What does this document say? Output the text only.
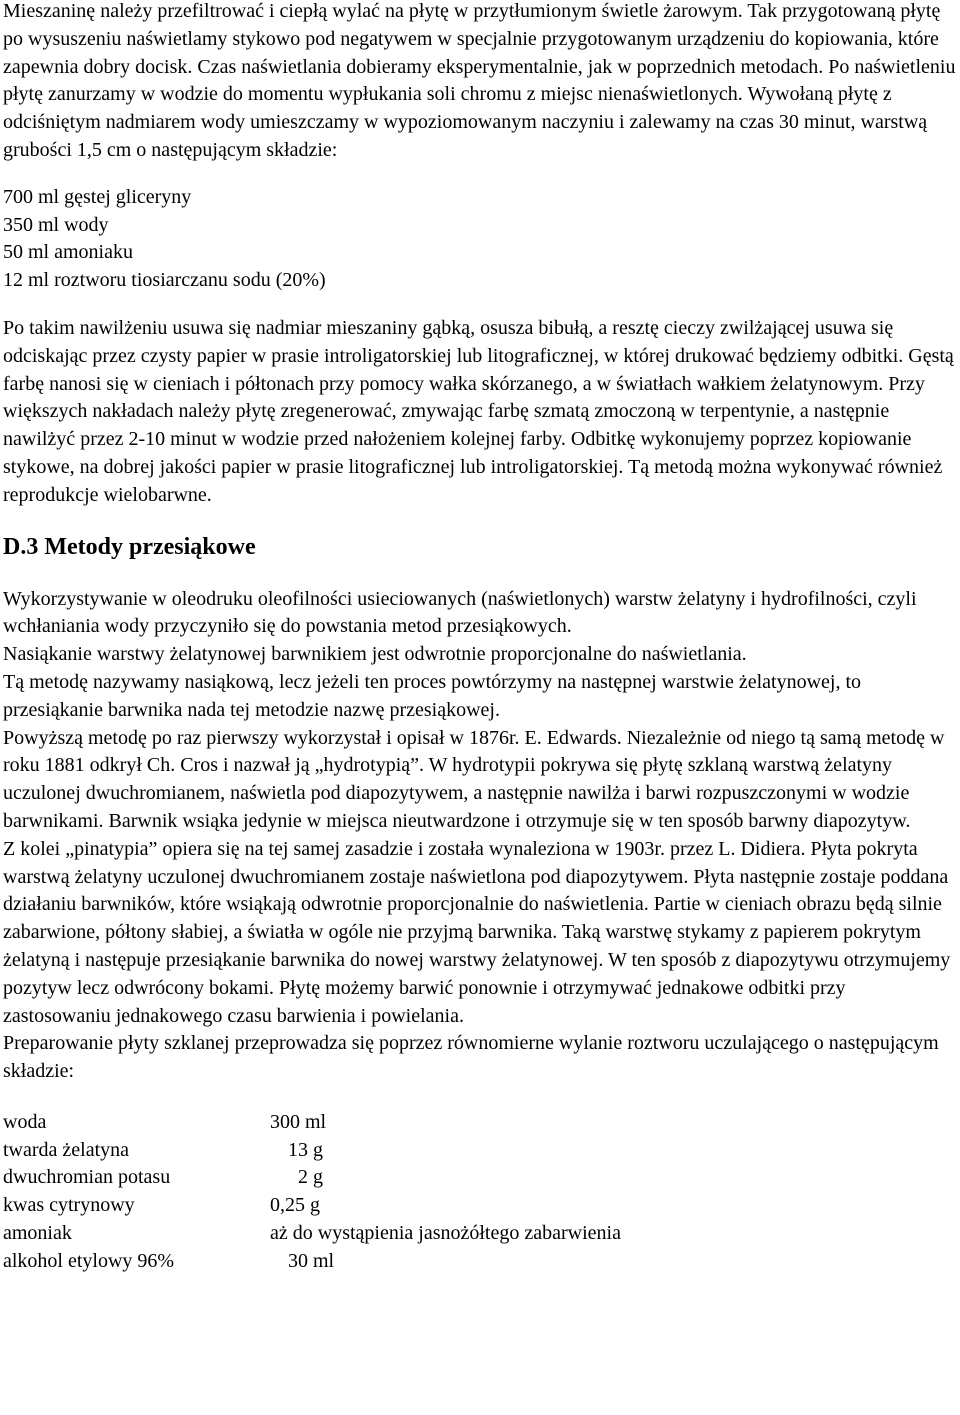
Mieszaninę należy przefiltrować i ciepłą wylać na płytę w przytłumionym świetle żarowym. Tak przygotowaną płytę po wysuszeniu naświetlamy stykowo pod negatywem w specjalnie przygotowanym urządzeniu do kopiowania, które zapewnia dobry docisk. Czas naświetlania dobieramy eksperymentalnie, jak w poprzednich metodach. Po naświetleniu płytę zanurzamy w wodzie do momentu wypłukania soli chromu z miejsc nienaświetlonych. Wywołaną płytę z odciśniętym nadmiarem wody umieszczamy w wypoziomowanym naczyniu i zalewamy na czas 30 minut, warstwą grubości 1,5 cm o następującym składzie:

700 ml gęstej gliceryny
350 ml wody
50 ml amoniaku
12 ml roztworu tiosiarczanu sodu (20%)

Po takim nawilżeniu usuwa się nadmiar mieszaniny gąbką, osusza bibułą, a resztę cieczy zwilżającej usuwa się odciskając przez czysty papier w prasie introligatorskiej lub litograficznej, w której drukować będziemy odbitki. Gęstą farbę nanosi się w cieniach i półtonach przy pomocy wałka skórzanego, a w światłach wałkiem żelatynowym. Przy większych nakładach należy płytę zregenerować, zmywając farbę szmatą zmoczoną w terpentynie, a następnie nawilżyć przez 2-10 minut w wodzie przed nałożeniem kolejnej farby. Odbitkę wykonujemy poprzez kopiowanie stykowe, na dobrej jakości papier w prasie litograficznej lub introligatorskiej. Tą metodą można wykonywać również reprodukcje wielobarwne.

D.3 Metody przesiąkowe

Wykorzystywanie w oleodruku oleofilności usieciowanych (naświetlonych) warstw żelatyny i hydrofilności, czyli wchłaniania wody przyczyniło się do powstania metod przesiąkowych.

Nasiąkanie warstwy żelatynowej barwnikiem jest odwrotnie proporcjonalne do naświetlania.

Tą metodę nazywamy nasiąkową, lecz jeżeli ten proces powtórzymy na następnej warstwie żelatynowej, to przesiąkanie barwnika nada tej metodzie nazwę przesiąkowej.

Powyższą metodę po raz pierwszy wykorzystał i opisał w 1876r. E. Edwards. Niezależnie od niego tą samą metodę w roku 1881 odkrył Ch. Cros i nazwał ją „hydrotypią”. W hydrotypii pokrywa się płytę szklaną warstwą żelatyny uczulonej dwuchromianem, naświetla pod diapozytywem, a następnie nawilża i barwi rozpuszczonymi w wodzie barwnikami. Barwnik wsiąka jedynie w miejsca nieutwardzone i otrzymuje się w ten sposób barwny diapozytyw.

Z kolei „pinatypia” opiera się na tej samej zasadzie i została wynaleziona w 1903r. przez L. Didiera. Płyta pokryta warstwą żelatyny uczulonej dwuchromianem zostaje naświetlona pod diapozytywem. Płyta następnie zostaje poddana działaniu barwników, które wsiąkają odwrotnie proporcjonalnie do naświetlenia. Partie w cieniach obrazu będą silnie zabarwione, półtony słabiej, a światła w ogóle nie przyjmą barwnika. Taką warstwę stykamy z papierem pokrytym żelatyną i następuje przesiąkanie barwnika do nowej warstwy żelatynowej. W ten sposób z diapozytywu otrzymujemy pozytyw lecz odwrócony bokami. Płytę możemy barwić ponownie i otrzymywać jednakowe odbitki przy zastosowaniu jednakowego czasu barwienia i powielania.

Preparowanie płyty szklanej przeprowadza się poprzez równomierne wylanie roztworu uczulającego o następującym składzie:

woda	300 ml
twarda żelatyna	13 g
dwuchromian potasu	2 g
kwas cytrynowy	0,25 g
amoniak	aż do wystąpienia jasnożółtego zabarwienia
alkohol etylowy 96%	30 ml
